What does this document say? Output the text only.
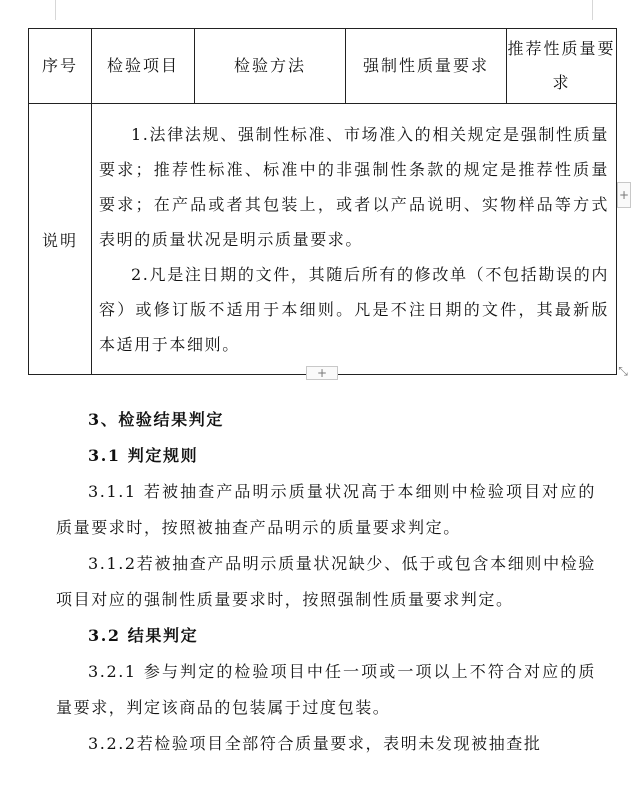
序号	检验项目	检验方法	强制性质量要求	推荐性质量要求
说明	1.法律法规、强制性标准、市场准入的相关规定是强制性质量要求；推荐性标准、标准中的非强制性条款的规定是推荐性质量要求；在产品或者其包装上，或者以产品说明、实物样品等方式表明的质量状况是明示质量要求。

2.凡是注日期的文件，其随后所有的修改单（不包括勘误的内容）或修订版不适用于本细则。凡是不注日期的文件，其最新版本适用于本细则。			

+
+	⤡

3、检验结果判定

3.1 判定规则

3.1.1 若被抽查产品明示质量状况高于本细则中检验项目对应的质量要求时，按照被抽查产品明示的质量要求判定。

3.1.2若被抽查产品明示质量状况缺少、低于或包含本细则中检验项目对应的强制性质量要求时，按照强制性质量要求判定。

3.2 结果判定

3.2.1 参与判定的检验项目中任一项或一项以上不符合对应的质量要求，判定该商品的包装属于过度包装。

3.2.2若检验项目全部符合质量要求，表明未发现被抽查批
